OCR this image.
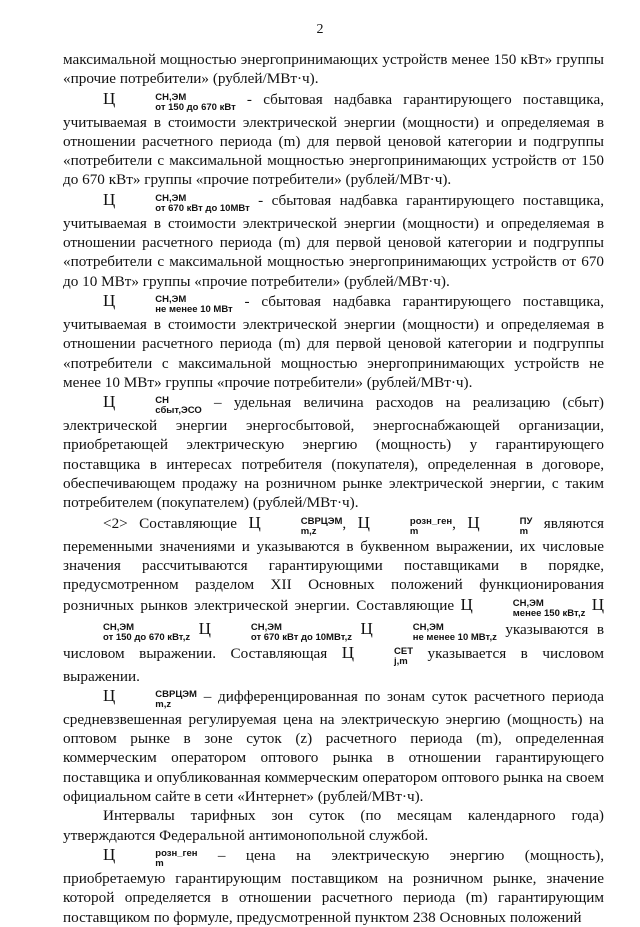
2

максимальной мощностью энергопринимающих устройств менее 150 кВт» группы «прочие потребители» (рублей/МВт·ч).

Ц	СН,ЭМ
от 150 до 670 кВт - сбытовая надбавка гарантирующего поставщика, учитываемая в стоимости электрической энергии (мощности) и определяемая в отношении расчетного периода (m) для первой ценовой категории и подгруппы «потребители с максимальной мощностью энергопринимающих устройств от 150 до 670 кВт» группы «прочие потребители» (рублей/МВт·ч).

Ц	СН,ЭМ
от 670 кВт до 10МВт - сбытовая надбавка гарантирующего поставщика, учитываемая в стоимости электрической энергии (мощности) и определяемая в отношении расчетного периода (m) для первой ценовой категории и подгруппы «потребители с максимальной мощностью энергопринимающих устройств от 670 до 10 МВт» группы «прочие потребители» (рублей/МВт·ч).

Ц	СН,ЭМ
не менее 10 МВт - сбытовая надбавка гарантирующего поставщика, учитываемая в стоимости электрической энергии (мощности) и определяемая в отношении расчетного периода (m) для первой ценовой категории и подгруппы «потребители с максимальной мощностью энергопринимающих устройств не менее 10 МВт» группы «прочие потребители» (рублей/МВт·ч).

Ц	СН
сбыт,ЭСО – удельная величина расходов на реализацию (сбыт) электрической энергии энергосбытовой, энергоснабжающей организации, приобретающей электрическую энергию (мощность) у гарантирующего поставщика в интересах потребителя (покупателя), определенная в договоре, обеспечивающем продажу на розничном рынке электрической энергии, с таким потребителем (покупателем) (рублей/МВт·ч).

<2> Составляющие Ц	СВРЦЭМ
m,z	, Ц	розн_ген
m	, Ц	ПУ
m являются переменными значениями и указываются в буквенном выражении, их числовые значения рассчитываются гарантирующими поставщиками в порядке, предусмотренном разделом XII Основных положений функционирования розничных рынков электрической энергии. Составляющие Ц	СН,ЭМ
менее 150 кВт,z Ц
СН,ЭМ
от 150 до 670 кВт,z Ц	СН,ЭМ
от 670 кВт до 10МВт,z Ц	СН,ЭМ
не менее 10 МВт,z указываются в числовом выражении. Составляющая Ц	СЕТ
j,m указывается в числовом выражении.

Ц	СВРЦЭМ
m,z	– дифференцированная по зонам суток расчетного периода средневзвешенная регулируемая цена на электрическую энергию (мощность) на оптовом рынке в зоне суток (z) расчетного периода (m), определенная коммерческим оператором оптового рынка в отношении гарантирующего поставщика и опубликованная коммерческим оператором оптового рынка на своем официальном сайте в сети «Интернет» (рублей/МВт·ч).

Интервалы тарифных зон суток (по месяцам календарного года) утверждаются Федеральной антимонопольной службой.

Ц	розн_ген
m	– цена на электрическую энергию (мощность), приобретаемую гарантирующим поставщиком на розничном рынке, значение которой определяется в отношении расчетного периода (m) гарантирующим поставщиком по формуле, предусмотренной пунктом 238 Основных положений
